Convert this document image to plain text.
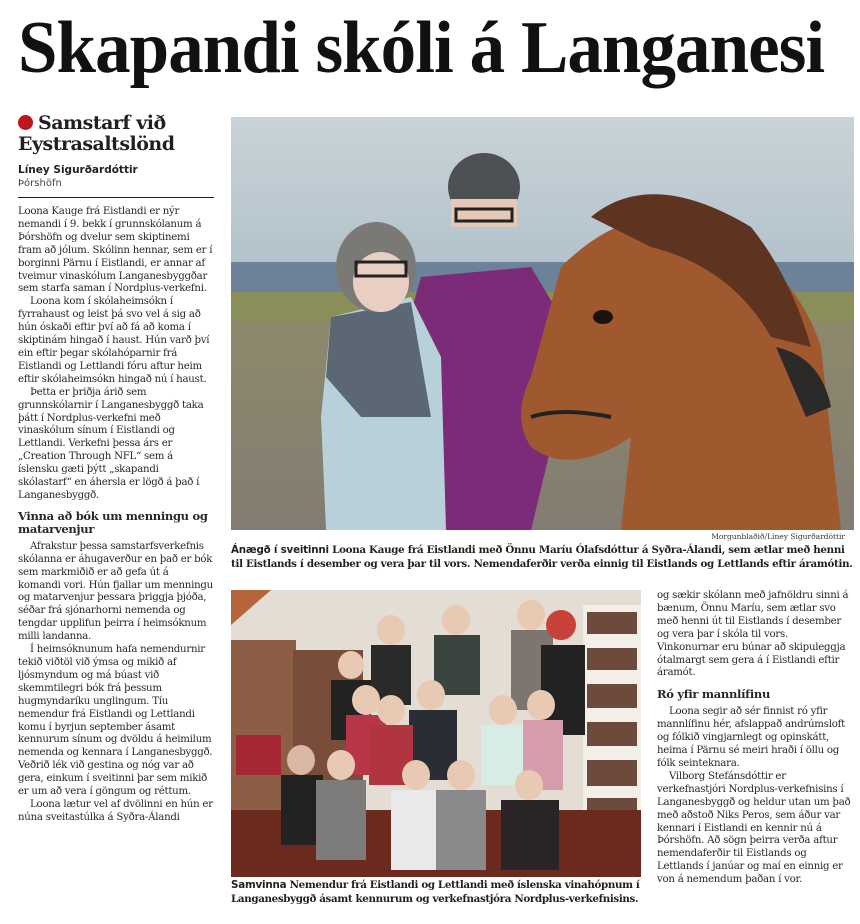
Skapandi skóli á Langanesi
Samstarf við Eystrasaltslönd
Líney Sigurðardóttir
Þórshöfn

Loona Kauge frá Eistlandi er nýr nemandi í 9. bekk í grunnskólanum á Þórshöfn og dvelur sem skiptinemi fram að jólum. Skólinn hennar, sem er í borginni Pärnu í Eistlandi, er annar af tveimur vinaskólum Langanesbyggðar sem starfa saman í Nordplus-verkefni.

Loona kom í skólaheimsókn í fyrrahaust og leist þá svo vel á sig að hún óskaði eftir því að fá að koma í skiptinám hingað í haust. Hún varð því ein eftir þegar skólahóparnir frá Eistlandi og Lettlandi fóru aftur heim eftir skólaheimsókn hingað nú í haust.

Þetta er þriðja árið sem grunnskólarnir í Langanesbyggð taka þátt í Nordplus-verkefni með vinaskólum sínum í Eistlandi og Lettlandi. Verkefni þessa árs er „Creation Through NFL“ sem á íslensku gæti þýtt „skapandi skólastarf“ en áhersla er lögð á það í Langanesbyggð.

Vinna að bók um menningu og matarvenjur

Afrakstur þessa samstarfsverkefnis skólanna er áhugaverður en það er bók sem markmiðið er að gefa út á komandi vori. Hún fjallar um menningu og matarvenjur þessara þriggja þjóða, séðar frá sjónarhorni nemenda og tengdar upplifun þeirra í heimsóknum milli landanna.

Í heimsóknunum hafa nemendurnir tekið viðtöl við ýmsa og mikið af ljósmyndum og má búast við skemmtilegri bók frá þessum hugmyndaríku unglingum. Tíu nemendur frá Eistlandi og Lettlandi komu í byrjun september ásamt kennurum sínum og dvöldu á heimilum nemenda og kennara í Langanesbyggð. Veðrið lék við gestina og nóg var að gera, einkum í sveitinni þar sem mikið er um að vera í göngum og réttum.

Loona lætur vel af dvölinni en hún er núna sveitastúlka á Syðra-Álandi

Morgunblaðið/Líney Sigurðardóttir
Ánægð í sveitinni Loona Kauge frá Eistlandi með Önnu Maríu Ólafsdóttur á Syðra-Álandi, sem ætlar með henni til Eistlands í desember og vera þar til vors. Nemendaferðir verða einnig til Eistlands og Lettlands eftir áramótin.
Samvinna Nemendur frá Eistlandi og Lettlandi með íslenska vinahópnum í Langanesbyggð ásamt kennurum og verkefnastjóra Nordplus-verkefnisins.

og sækir skólann með jafnöldru sinni á bænum, Önnu Maríu, sem ætlar svo með henni út til Eistlands í desember og vera þar í skóla til vors. Vinkonurnar eru búnar að skipuleggja ótalmargt sem gera á í Eistlandi eftir áramót.

Ró yfir mannlífinu

Loona segir að sér finnist ró yfir mannlífinu hér, afslappað andrúmsloft og fólkið vingjarnlegt og opinskátt, heima í Pärnu sé meiri hraði í öllu og fólk seinteknara.

Vilborg Stefánsdóttir er verkefnastjóri Nordplus-verkefnisins í Langanesbyggð og heldur utan um það með aðstoð Niks Peros, sem áður var kennari í Eistlandi en kennir nú á Þórshöfn. Að sögn þeirra verða aftur nemendaferðir til Eistlands og Lettlands í janúar og maí en einnig er von á nemendum þaðan í vor.
